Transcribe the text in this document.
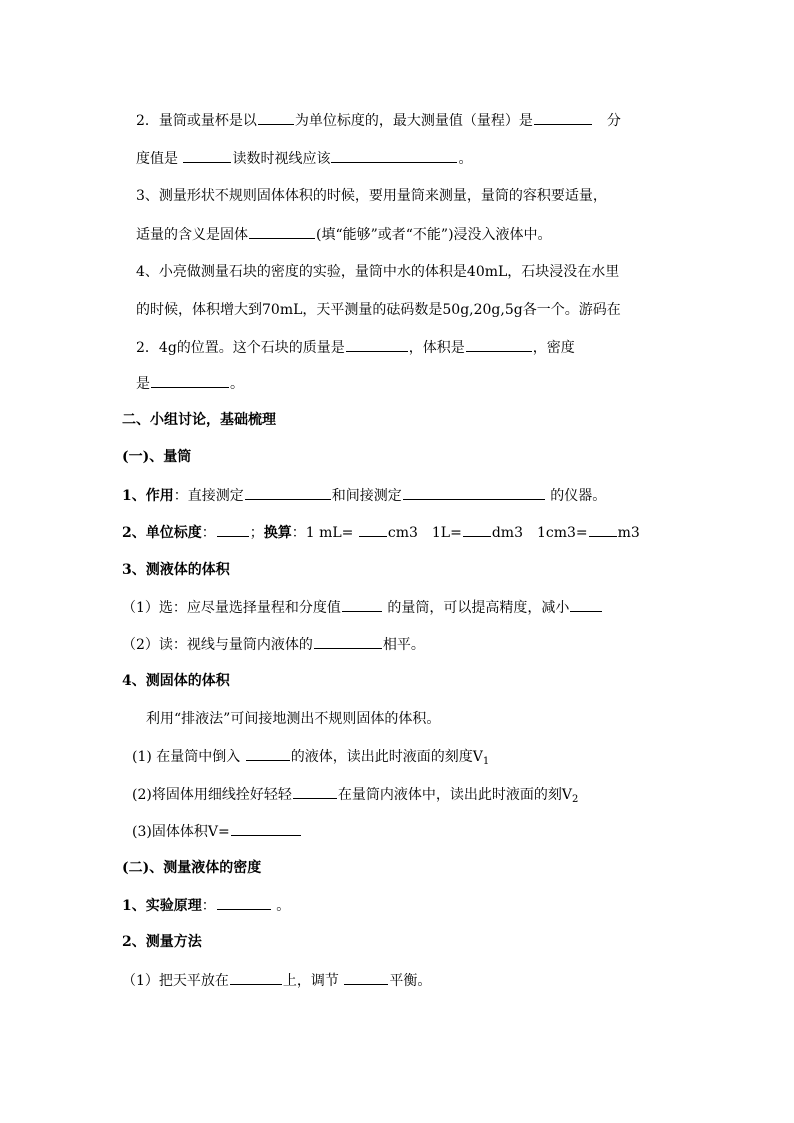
2．量筒或量杯是以	为单位标度的，最大测量值（量程）是	分
度值是	读数时视线应该	。
3、测量形状不规则固体体积的时候，要用量筒来测量，量筒的容积要适量，
适量的含义是固体	(填“能够”或者“不能”)浸没入液体中。
4、小亮做测量石块的密度的实验，量筒中水的体积是40mL，石块浸没在水里
的时候，体积增大到70mL，天平测量的砝码数是50g,20g,5g各一个。游码在
2．4g的位置。这个石块的质量是	，体积是	，密度
是	。
二、小组讨论，基础梳理
(一)、量筒
1、作用：直接测定	和间接测定	的仪器。
2、单位标度： ；换算：1 mL= cm3　1L= dm3　1cm3= m3
3、测液体的体积
（1）选：应尽量选择量程和分度值	的量筒，可以提高精度，减小
（2）读：视线与量筒内液体的	相平。
4、测固体的体积
利用“排液法”可间接地测出不规则固体的体积。
(1) 在量筒中倒入	的液体，读出此时液面的刻度$V_1$
(2)将固体用细线拴好轻轻	在量筒内液体中，读出此时液面的刻$V_2$
(3)固体体积V=
(二)、测量液体的密度
1、实验原理：	。
2、测量方法
（1）把天平放在	上，调节	平衡。
